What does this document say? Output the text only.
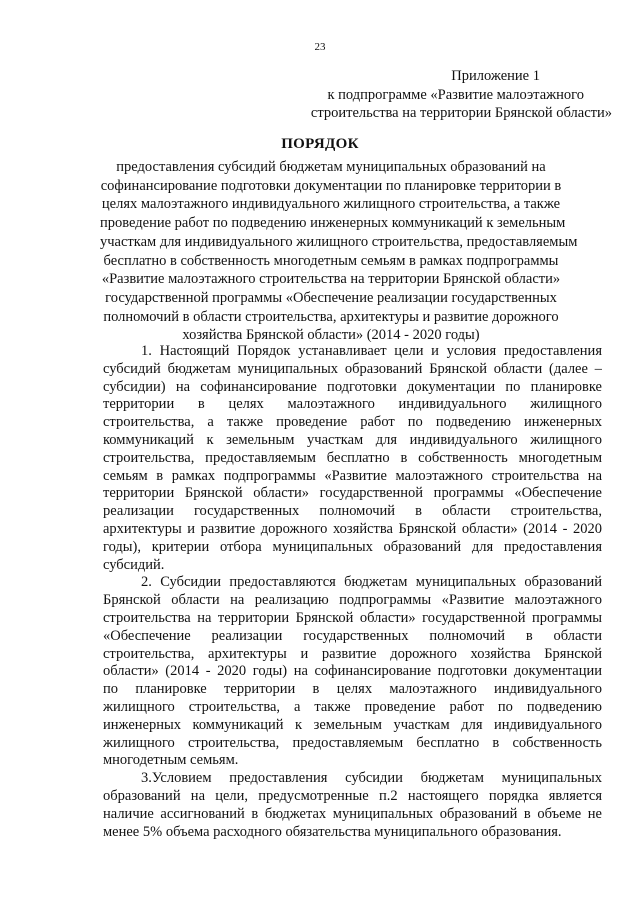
23
Приложение 1
к подпрограмме «Развитие малоэтажного
строительства на территории Брянской области»
ПОРЯДОК
предоставления субсидий бюджетам муниципальных образований на
софинансирование подготовки документации по планировке территории в
целях малоэтажного индивидуального жилищного строительства, а также
проведение работ по подведению инженерных коммуникаций к земельным
участкам для индивидуального жилищного строительства, предоставляемым
бесплатно в собственность многодетным семьям в рамках подпрограммы
«Развитие малоэтажного строительства на территории Брянской области»
государственной программы «Обеспечение реализации государственных
полномочий в области строительства, архитектуры и развитие дорожного
хозяйства Брянской области» (2014 - 2020 годы)
1. Настоящий Порядок устанавливает цели и условия предоставления
субсидий бюджетам муниципальных образований Брянской области (далее –
субсидии) на софинансирование подготовки документации по планировке
территории в целях малоэтажного индивидуального жилищного
строительства, а также проведение работ по подведению инженерных
коммуникаций к земельным участкам для индивидуального жилищного
строительства, предоставляемым бесплатно в собственность многодетным
семьям в рамках подпрограммы «Развитие малоэтажного строительства на
территории Брянской области» государственной программы «Обеспечение
реализации государственных полномочий в области строительства,
архитектуры и развитие дорожного хозяйства Брянской области» (2014 - 2020
годы), критерии отбора муниципальных образований для предоставления
субсидий.
2. Субсидии предоставляются бюджетам муниципальных образований
Брянской области на реализацию подпрограммы «Развитие малоэтажного
строительства на территории Брянской области» государственной программы
«Обеспечение реализации государственных полномочий в области
строительства, архитектуры и развитие дорожного хозяйства Брянской
области» (2014 - 2020 годы) на софинансирование подготовки документации
по планировке территории в целях малоэтажного индивидуального
жилищного строительства, а также проведение работ по подведению
инженерных коммуникаций к земельным участкам для индивидуального
жилищного строительства, предоставляемым бесплатно в собственность
многодетным семьям.
3.Условием предоставления субсидии бюджетам муниципальных
образований на цели, предусмотренные п.2 настоящего порядка является
наличие ассигнований в бюджетах муниципальных образований в объеме не
менее 5% объема расходного обязательства муниципального образования.
